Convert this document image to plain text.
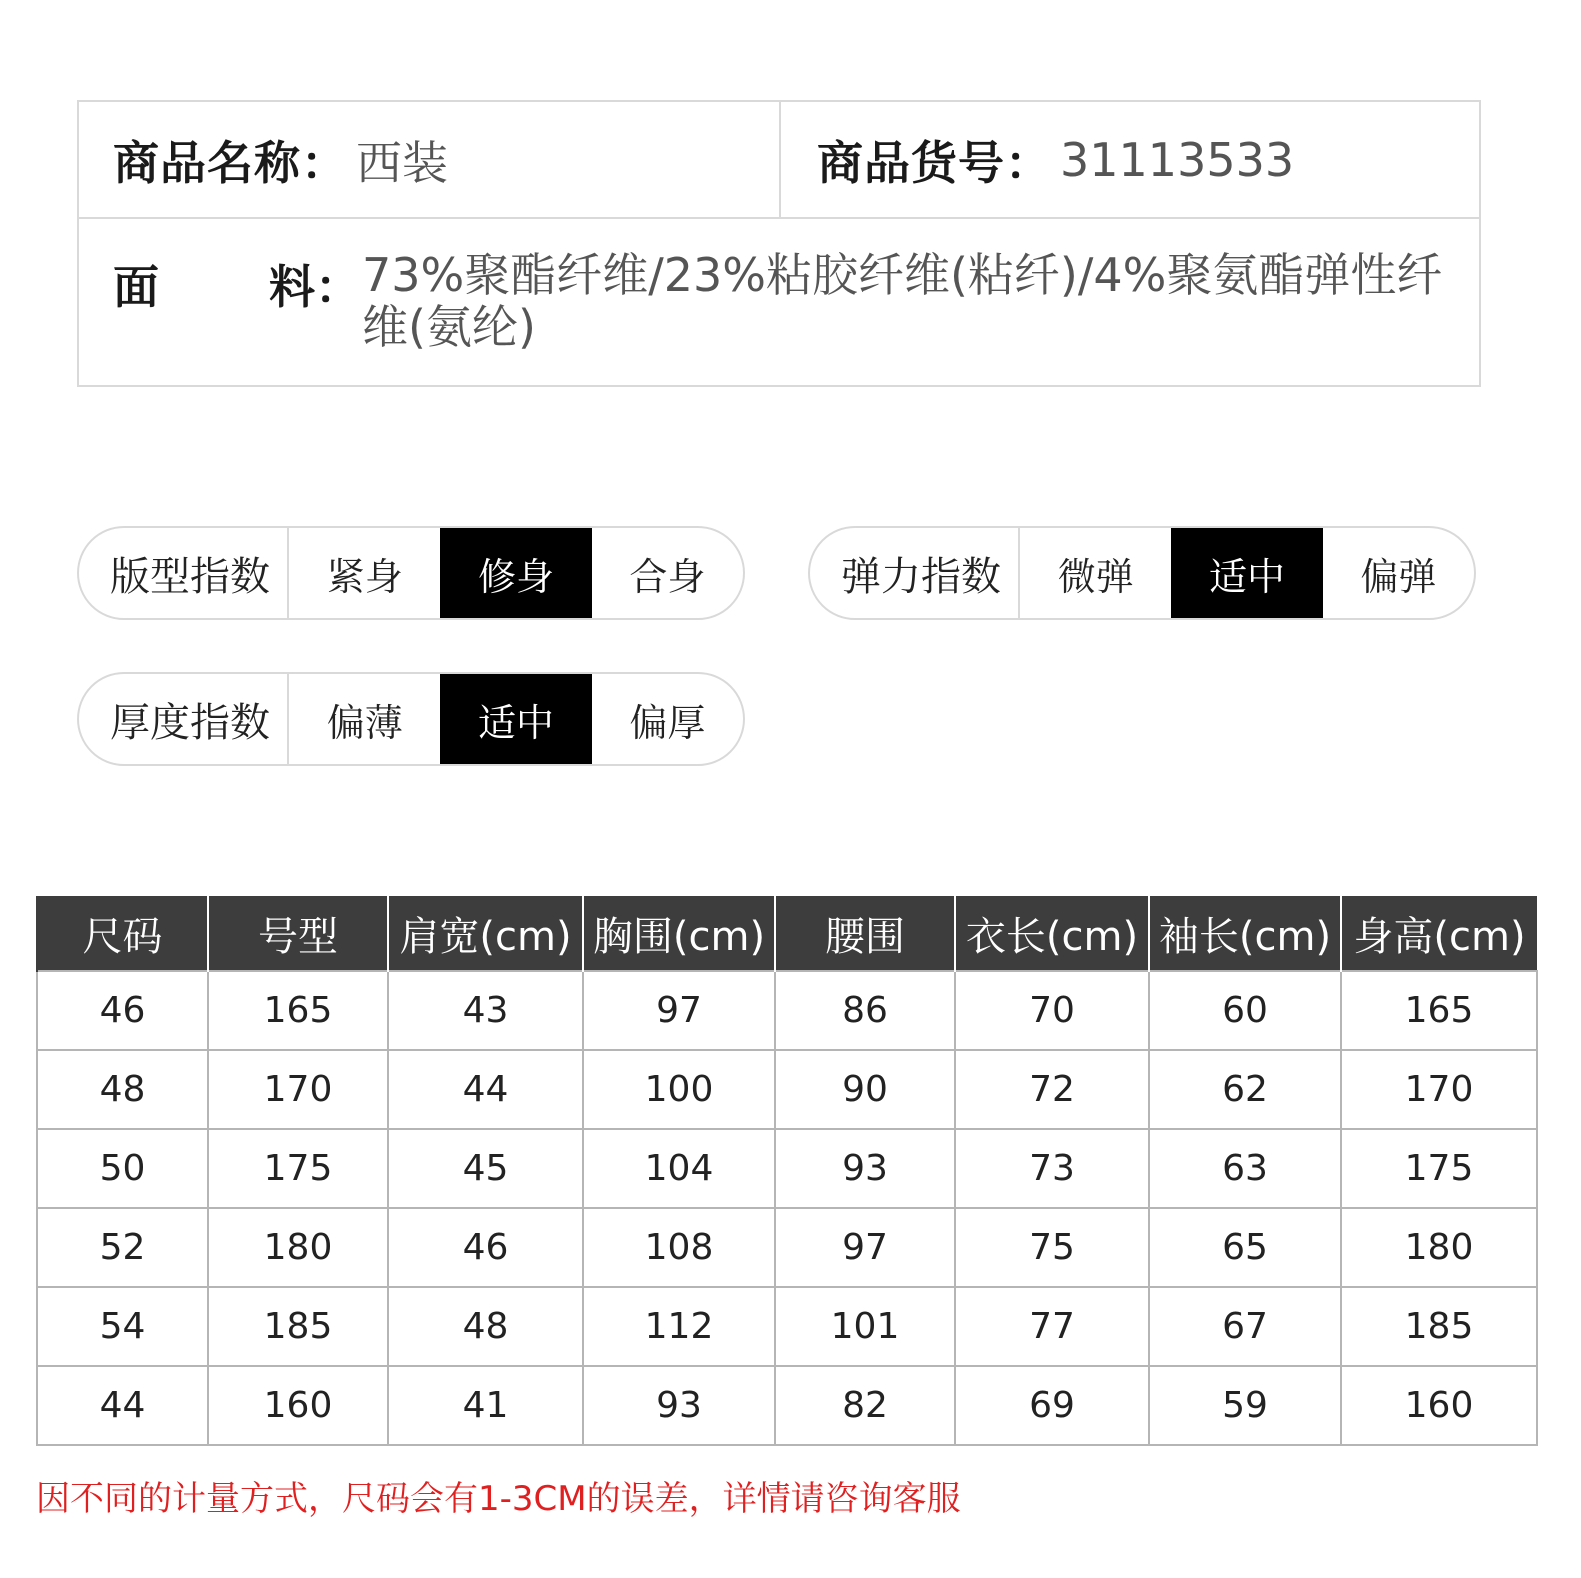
商品名称： 西装	商品货号： 31113533
面 料： 73%聚酯纤维/23%粘胶纤维(粘纤)/4%聚氨酯弹性纤维(氨纶)
版型指数	紧身	修身	合身	弹力指数	微弹	适中	偏弹
厚度指数	偏薄	适中	偏厚
尺码	号型	肩宽(cm)	胸围(cm)	腰围	衣长(cm)	袖长(cm)	身高(cm)
46	165	43	97	86	70	60	165
48	170	44	100	90	72	62	170
50	175	45	104	93	73	63	175
52	180	46	108	97	75	65	180
54	185	48	112	101	77	67	185
44	160	41	93	82	69	59	160
因不同的计量方式，尺码会有1-3CM的误差，详情请咨询客服
